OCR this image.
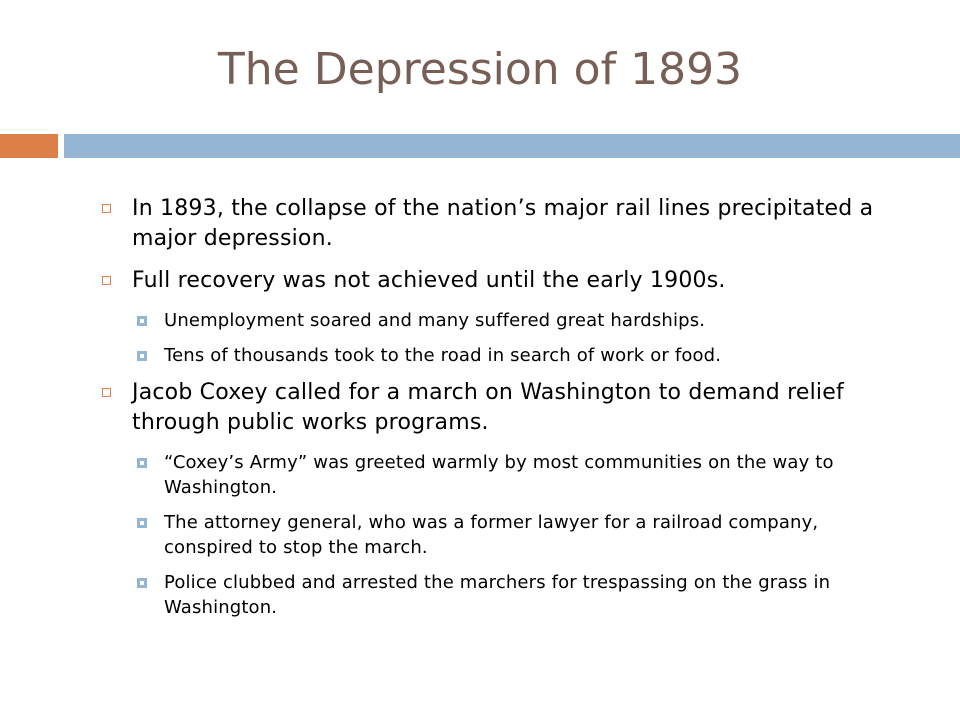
The Depression of 1893
In 1893, the collapse of the nation’s major rail lines precipitated a major depression.
Full recovery was not achieved until the early 1900s.
Unemployment soared and many suffered great hardships.
Tens of thousands took to the road in search of work or food.
Jacob Coxey called for a march on Washington to demand relief through public works programs.
“Coxey’s Army” was greeted warmly by most communities on the way to Washington.
The attorney general, who was a former lawyer for a railroad company, conspired to stop the march.
Police clubbed and arrested the marchers for trespassing on the grass in Washington.
